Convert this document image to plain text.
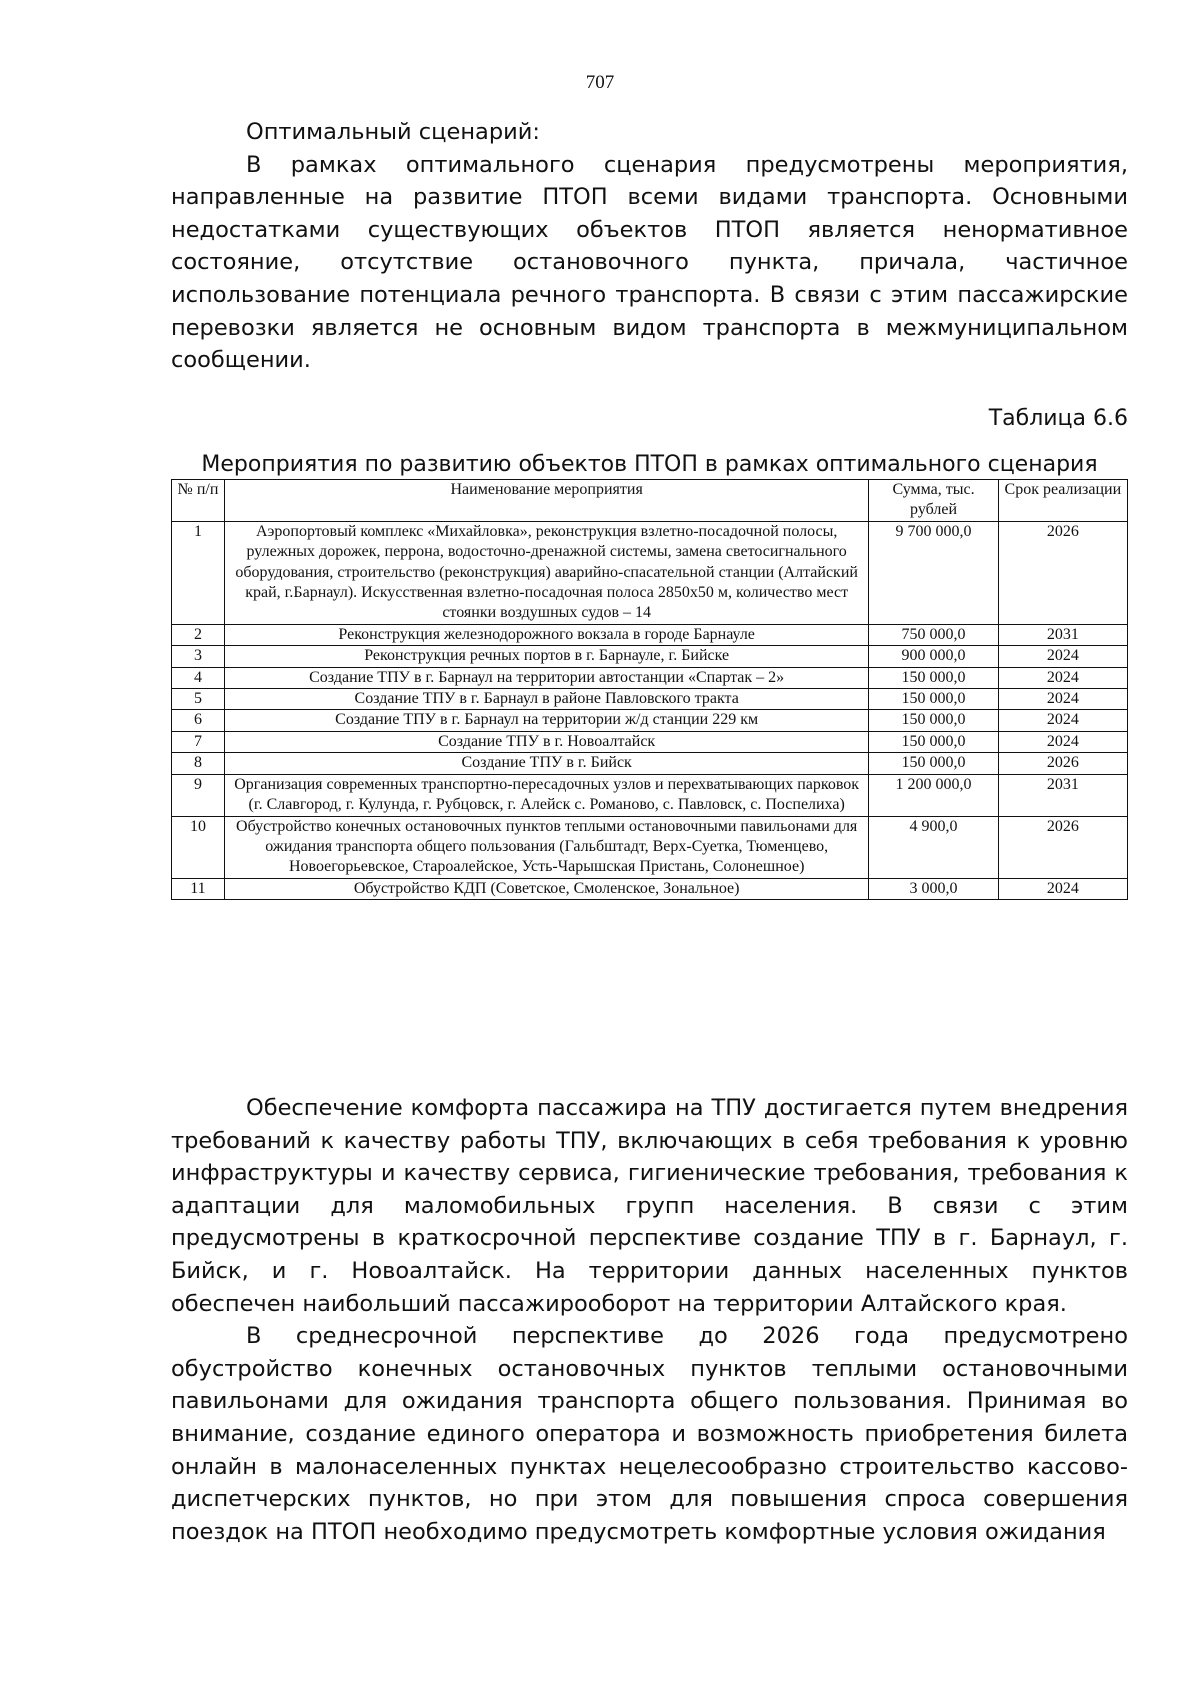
707

Оптимальный сценарий:

В рамках оптимального сценария предусмотрены мероприятия, направленные на развитие ПТОП всеми видами транспорта. Основными недостатками существующих объектов ПТОП является ненормативное состояние, отсутствие остановочного пункта, причала, частичное использование потенциала речного транспорта. В связи с этим пассажирские перевозки является не основным видом транспорта в межмуниципальном сообщении.

Таблица 6.6
Мероприятия по развитию объектов ПТОП в рамках оптимального сценария
№ п/п	Наименование мероприятия	Сумма, тыс. рублей	Срок реализации
1	Аэропортовый комплекс «Михайловка», реконструкция взлетно-посадочной полосы, рулежных дорожек, перрона, водосточно-дренажной системы, замена светосигнального оборудования, строительство (реконструкция) аварийно-спасательной станции (Алтайский край, г.Барнаул). Искусственная взлетно-посадочная полоса 2850х50 м, количество мест стоянки воздушных судов – 14	9 700 000,0	2026
2	Реконструкция железнодорожного вокзала в городе Барнауле	750 000,0	2031
3	Реконструкция речных портов в г. Барнауле, г. Бийске	900 000,0	2024
4	Создание ТПУ в г. Барнаул на территории автостанции «Спартак – 2»	150 000,0	2024
5	Создание ТПУ в г. Барнаул в районе Павловского тракта	150 000,0	2024
6	Создание ТПУ в г. Барнаул на территории ж/д станции 229 км	150 000,0	2024
7	Создание ТПУ в г. Новоалтайск	150 000,0	2024
8	Создание ТПУ в г. Бийск	150 000,0	2026
9	Организация современных транспортно-пересадочных узлов и перехватывающих парковок (г. Славгород, г. Кулунда, г. Рубцовск, г. Алейск с. Романово, с. Павловск, с. Поспелиха)	1 200 000,0	2031
10	Обустройство конечных остановочных пунктов теплыми остановочными павильонами для ожидания транспорта общего пользования (Гальбштадт, Верх-Суетка, Тюменцево, Новоегорьевское, Староалейское, Усть-Чарышская Пристань, Солонешное)	4 900,0	2026
11	Обустройство КДП (Советское, Смоленское, Зональное)	3 000,0	2024

Обеспечение комфорта пассажира на ТПУ достигается путем внедрения требований к качеству работы ТПУ, включающих в себя требования к уровню инфраструктуры и качеству сервиса, гигиенические требования, требования к адаптации для маломобильных групп населения. В связи с этим предусмотрены в краткосрочной перспективе создание ТПУ в г. Барнаул, г. Бийск, и г. Новоалтайск. На территории данных населенных пунктов обеспечен наибольший пассажирооборот на территории Алтайского края.

В среднесрочной перспективе до 2026 года предусмотрено обустройство конечных остановочных пунктов теплыми остановочными павильонами для ожидания транспорта общего пользования. Принимая во внимание, создание единого оператора и возможность приобретения билета онлайн в малонаселенных пунктах нецелесообразно строительство кассово-диспетчерских пунктов, но при этом для повышения спроса совершения поездок на ПТОП необходимо предусмотреть комфортные условия ожидания
